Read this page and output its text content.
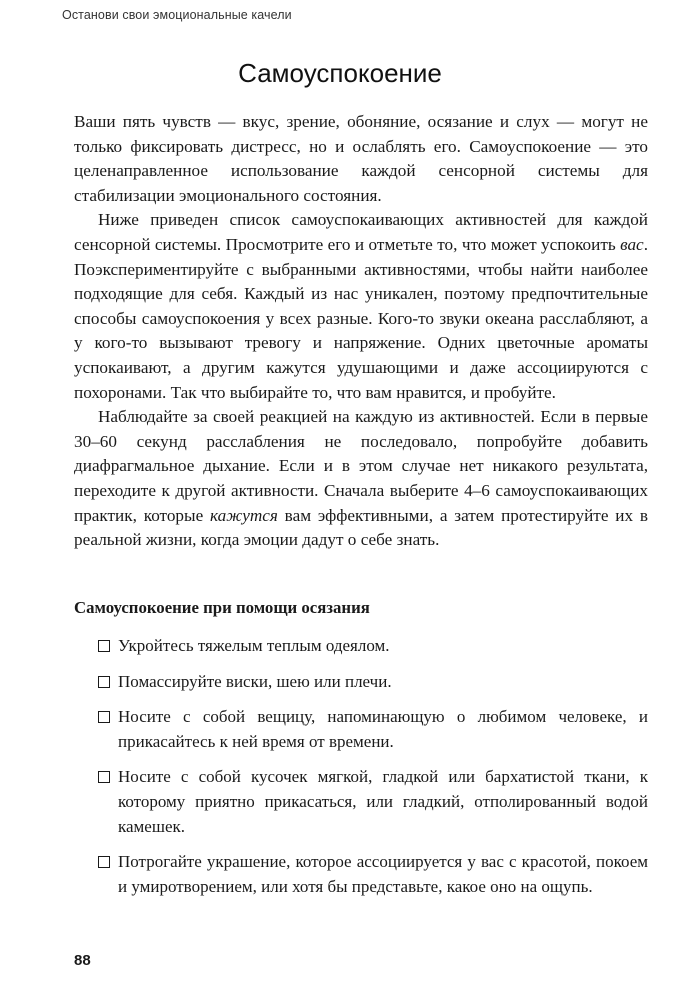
Останови свои эмоциональные качели
Самоуспокоение

Ваши пять чувств — вкус, зрение, обоняние, осязание и слух — могут не только фиксировать дистресс, но и ослаблять его. Самоуспокоение — это целенаправленное использование каждой сенсорной системы для стабилизации эмоционального состояния.

Ниже приведен список самоуспокаивающих активностей для каждой сенсорной системы. Просмотрите его и отметьте то, что может успокоить вас. Поэкспериментируйте с выбранными активностями, чтобы найти наиболее подходящие для себя. Каждый из нас уникален, поэтому предпочтительные способы самоуспокоения у всех разные. Кого-то звуки океана расслабляют, а у кого-то вызывают тревогу и напряжение. Одних цветочные ароматы успокаивают, а другим кажутся удушающими и даже ассоциируются с похоронами. Так что выбирайте то, что вам нравится, и пробуйте.

Наблюдайте за своей реакцией на каждую из активностей. Если в первые 30–60 секунд расслабления не последовало, попробуйте добавить диафрагмальное дыхание. Если и в этом случае нет никакого результата, переходите к другой активности. Сначала выберите 4–6 самоуспокаивающих практик, которые кажутся вам эффективными, а затем протестируйте их в реальной жизни, когда эмоции дадут о себе знать.

Самоуспокоение при помощи осязания
Укройтесь тяжелым теплым одеялом.
Помассируйте виски, шею или плечи.
Носите с собой вещицу, напоминающую о любимом человеке, и прикасайтесь к ней время от времени.
Носите с собой кусочек мягкой, гладкой или бархатистой ткани, к которому приятно прикасаться, или гладкий, отполированный водой камешек.
Потрогайте украшение, которое ассоциируется у вас с красотой, покоем и умиротворением, или хотя бы представьте, какое оно на ощупь.
88
